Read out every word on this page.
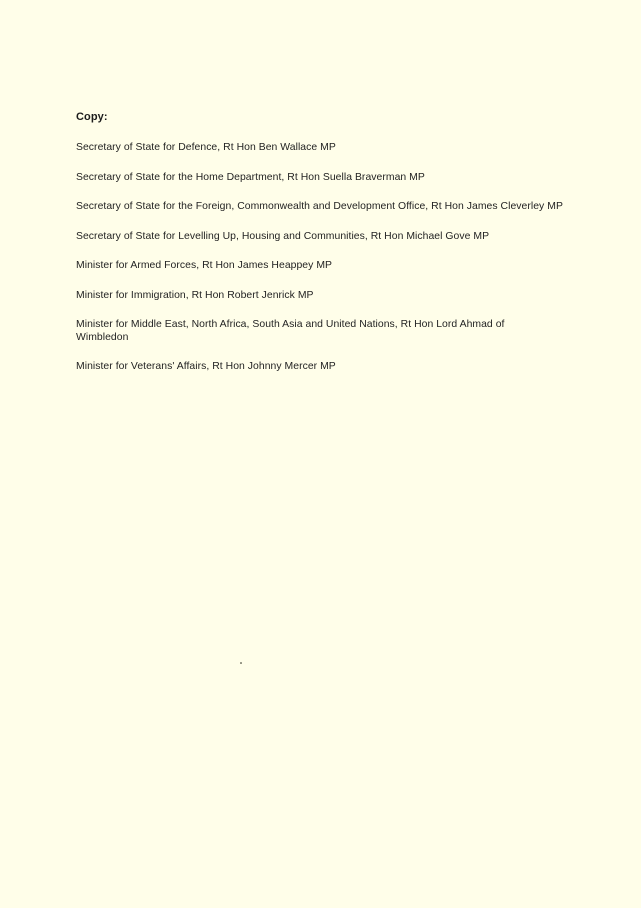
Copy:
Secretary of State for Defence, Rt Hon Ben Wallace MP
Secretary of State for the Home Department, Rt Hon Suella Braverman MP
Secretary of State for the Foreign, Commonwealth and Development Office, Rt Hon James Cleverley MP
Secretary of State for Levelling Up, Housing and Communities, Rt Hon Michael Gove MP
Minister for Armed Forces, Rt Hon James Heappey MP
Minister for Immigration, Rt Hon Robert Jenrick MP
Minister for Middle East, North Africa, South Asia and United Nations, Rt Hon Lord Ahmad of Wimbledon
Minister for Veterans' Affairs, Rt Hon Johnny Mercer MP
